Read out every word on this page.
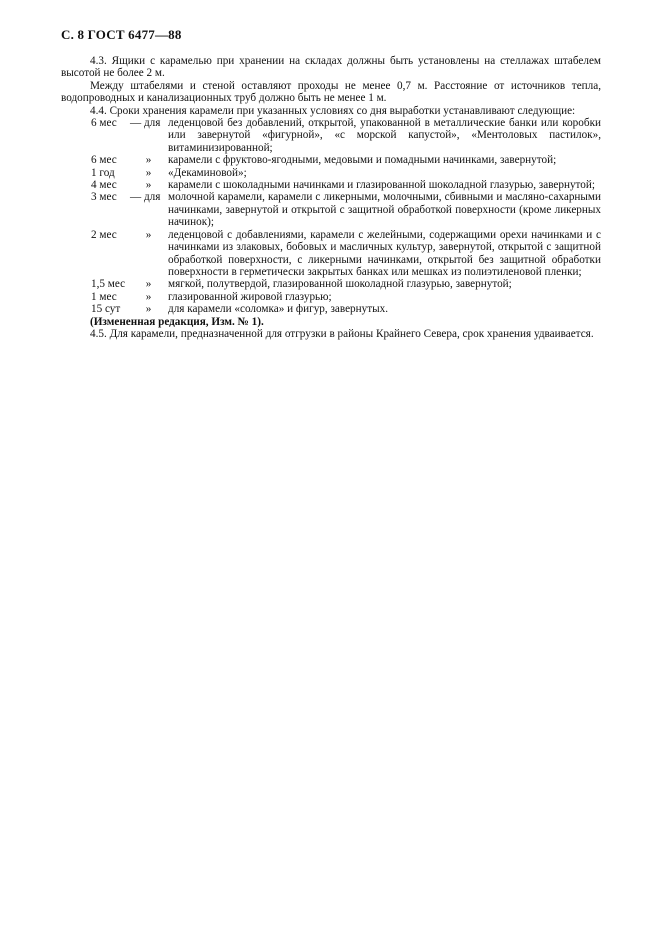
С. 8 ГОСТ 6477—88

4.3. Ящики с карамелью при хранении на складах должны быть установлены на стеллажах штабелем высотой не более 2 м.

Между штабелями и стеной оставляют проходы не менее 0,7 м. Расстояние от источников тепла, водопроводных и канализационных труб должно быть не менее 1 м.

4.4. Сроки хранения карамели при указанных условиях со дня выработки устанавливают следующие:

6 мес	— для леденцовой без добавлений, открытой, упакованной в металлические банки или коробки или завернутой «фигурной», «с морской капустой», «Ментоловых пастилок», витаминизированной;
6 мес	»	карамели с фруктово-ягодными, медовыми и помадными начинками, завернутой;
1 год	»	«Декаминовой»;
4 мес	»	карамели с шоколадными начинками и глазированной шоколадной глазурью, завернутой;
3 мес	— для молочной карамели, карамели с ликерными, молочными, сбивными и масляно-сахарными начинками, завернутой и открытой с защитной обработкой поверхности (кроме ликерных начинок);
2 мес	»	леденцовой с добавлениями, карамели с желейными, содержащими орехи начинками и с начинками из злаковых, бобовых и масличных культур, завернутой, открытой с защитной обработкой поверхности, с ликерными начинками, открытой без защитной обработки поверхности в герметически закрытых банках или мешках из полиэтиленовой пленки;
1,5 мес	»	мягкой, полутвердой, глазированной шоколадной глазурью, завернутой;
1 мес	»	глазированной жировой глазурью;
15 сут	»	для карамели «соломка» и фигур, завернутых.

(Измененная редакция, Изм. № 1).

4.5. Для карамели, предназначенной для отгрузки в районы Крайнего Севера, срок хранения удваивается.
